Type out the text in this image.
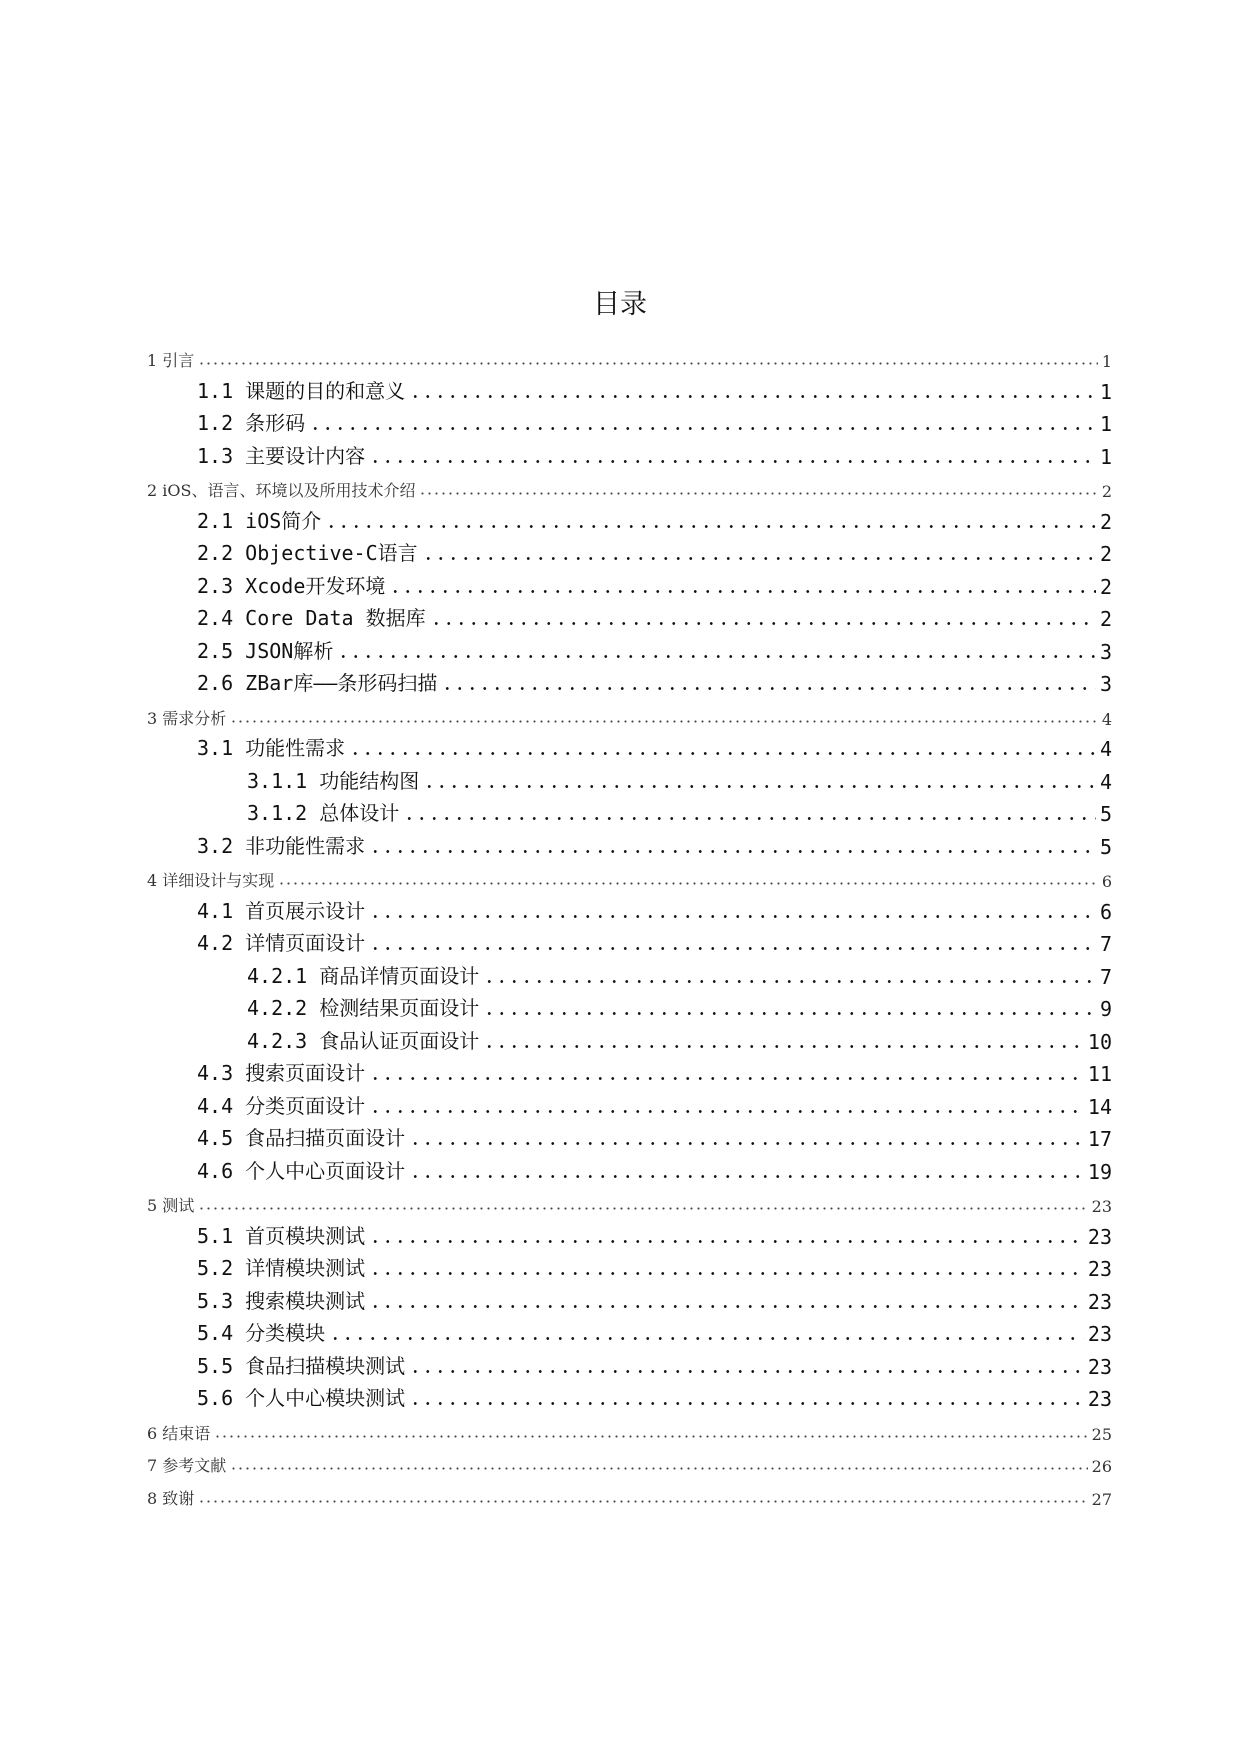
目录
1 引言	1
1.1 课题的目的和意义	1
1.2 条形码	1
1.3 主要设计内容	1
2 iOS、语言、环境以及所用技术介绍	2
2.1 iOS简介	2
2.2 Objective-C语言	2
2.3 Xcode开发环境	2
2.4 Core Data 数据库	2
2.5 JSON解析	3
2.6 ZBar库——条形码扫描	3
3 需求分析	4
3.1 功能性需求	4
3.1.1 功能结构图	4
3.1.2 总体设计	5
3.2 非功能性需求	5
4 详细设计与实现	6
4.1 首页展示设计	6
4.2 详情页面设计	7
4.2.1 商品详情页面设计	7
4.2.2 检测结果页面设计	9
4.2.3 食品认证页面设计	10
4.3 搜索页面设计	11
4.4 分类页面设计	14
4.5 食品扫描页面设计	17
4.6 个人中心页面设计	19
5 测试	23
5.1 首页模块测试	23
5.2 详情模块测试	23
5.3 搜索模块测试	23
5.4 分类模块	23
5.5 食品扫描模块测试	23
5.6 个人中心模块测试	23
6 结束语	25
7 参考文献	26
8 致谢	27
